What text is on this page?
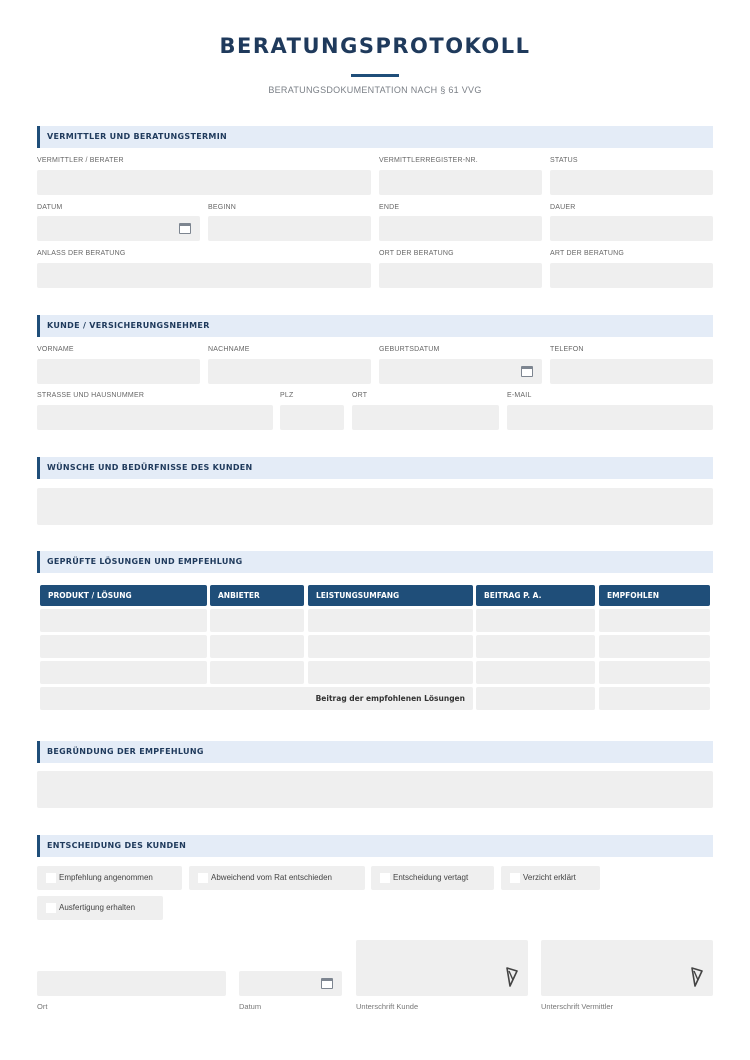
BERATUNGSPROTOKOLL
BERATUNGSDOKUMENTATION NACH § 61 VVG
VERMITTLER UND BERATUNGSTERMIN
VERMITTLER / BERATER	VERMITTLERREGISTER-NR.	STATUS
DATUM	BEGINN	ENDE	DAUER
ANLASS DER BERATUNG	ORT DER BERATUNG	ART DER BERATUNG
KUNDE / VERSICHERUNGSNEHMER
VORNAME	NACHNAME	GEBURTSDATUM	TELEFON
STRASSE UND HAUSNUMMER	PLZ	ORT	E-MAIL
WÜNSCHE UND BEDÜRFNISSE DES KUNDEN
GEPRÜFTE LÖSUNGEN UND EMPFEHLUNG
PRODUKT / LÖSUNG	ANBIETER	LEISTUNGSUMFANG	BEITRAG P. A.	EMPFOHLEN
Beitrag der empfohlenen Lösungen
BEGRÜNDUNG DER EMPFEHLUNG
ENTSCHEIDUNG DES KUNDEN
Empfehlung angenommen	Abweichend vom Rat entschieden	Entscheidung vertagt	Verzicht erklärt
Ausfertigung erhalten
Ort	Datum	Unterschrift Kunde	Unterschrift Vermittler
